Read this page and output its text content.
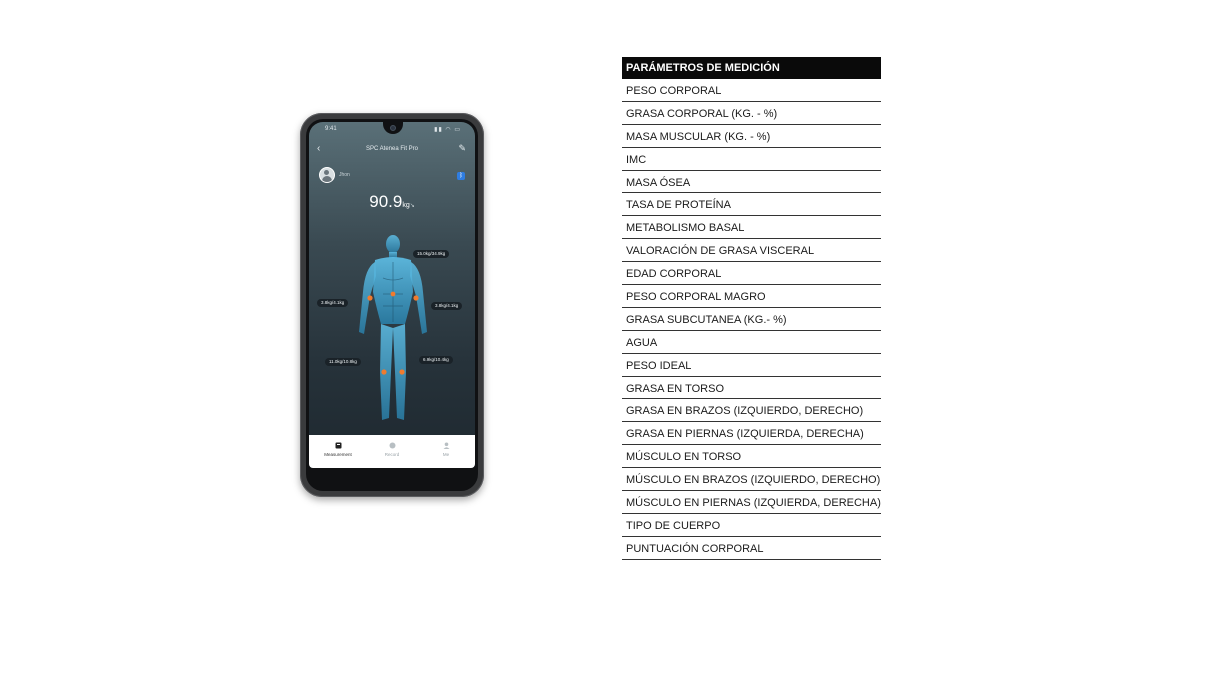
9:41	▮▮ ◠ ▭
‹	SPC Atenea Fit Pro	✎
Jhon	ᛒ
90.9kg↘
15.0kg/34.9kg
3.8kg/4.1kg
3.8kg/4.1kg
11.0kg/10.8kg	6.9kg/10.4kg
Measurement	Record	Me
PARÁMETROS DE MEDICIÓN
PESO CORPORAL
GRASA CORPORAL (KG. - %)
MASA MUSCULAR (KG. - %)
IMC
MASA ÓSEA
TASA DE PROTEÍNA
METABOLISMO BASAL
VALORACIÓN DE GRASA VISCERAL
EDAD CORPORAL
PESO CORPORAL MAGRO
GRASA SUBCUTANEA (KG.- %)
AGUA
PESO IDEAL
GRASA EN TORSO
GRASA EN BRAZOS (IZQUIERDO, DERECHO)
GRASA EN PIERNAS (IZQUIERDA, DERECHA)
MÚSCULO EN TORSO
MÚSCULO EN BRAZOS (IZQUIERDO, DERECHO)
MÚSCULO EN PIERNAS (IZQUIERDA, DERECHA)
TIPO DE CUERPO
PUNTUACIÓN CORPORAL
